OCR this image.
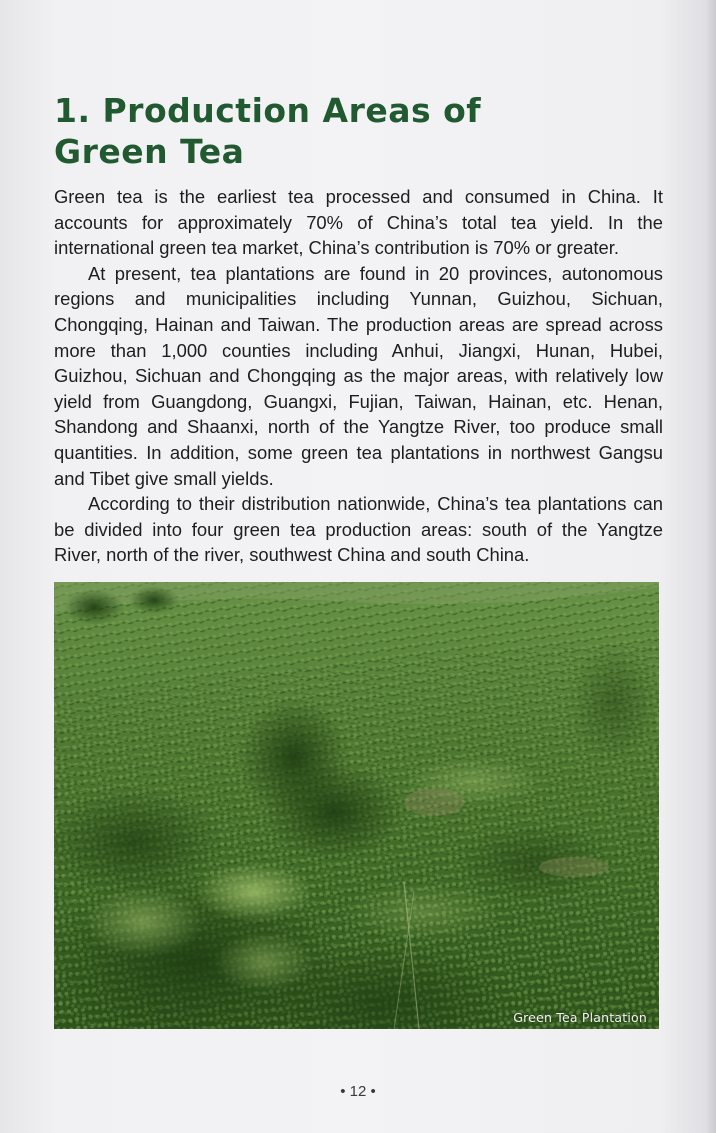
1. Production Areas of
Green Tea

Green tea is the earliest tea processed and consumed in China. It accounts for approximately 70% of China’s total tea yield. In the international green tea market, China’s contribution is 70% or greater.

At present, tea plantations are found in 20 provinces, autonomous regions and municipalities including Yunnan, Guizhou, Sichuan, Chongqing, Hainan and Taiwan. The production areas are spread across more than 1,000 counties including Anhui, Jiangxi, Hunan, Hubei, Guizhou, Sichuan and Chongqing as the major areas, with relatively low yield from Guangdong, Guangxi, Fujian, Taiwan, Hainan, etc. Henan, Shandong and Shaanxi, north of the Yangtze River, too produce small quantities. In addition, some green tea plantations in northwest Gangsu and Tibet give small yields.

According to their distribution nationwide, China’s tea plantations can be divided into four green tea production areas: south of the Yangtze River, north of the river, southwest China and south China.

Green Tea Plantation
• 12 •
